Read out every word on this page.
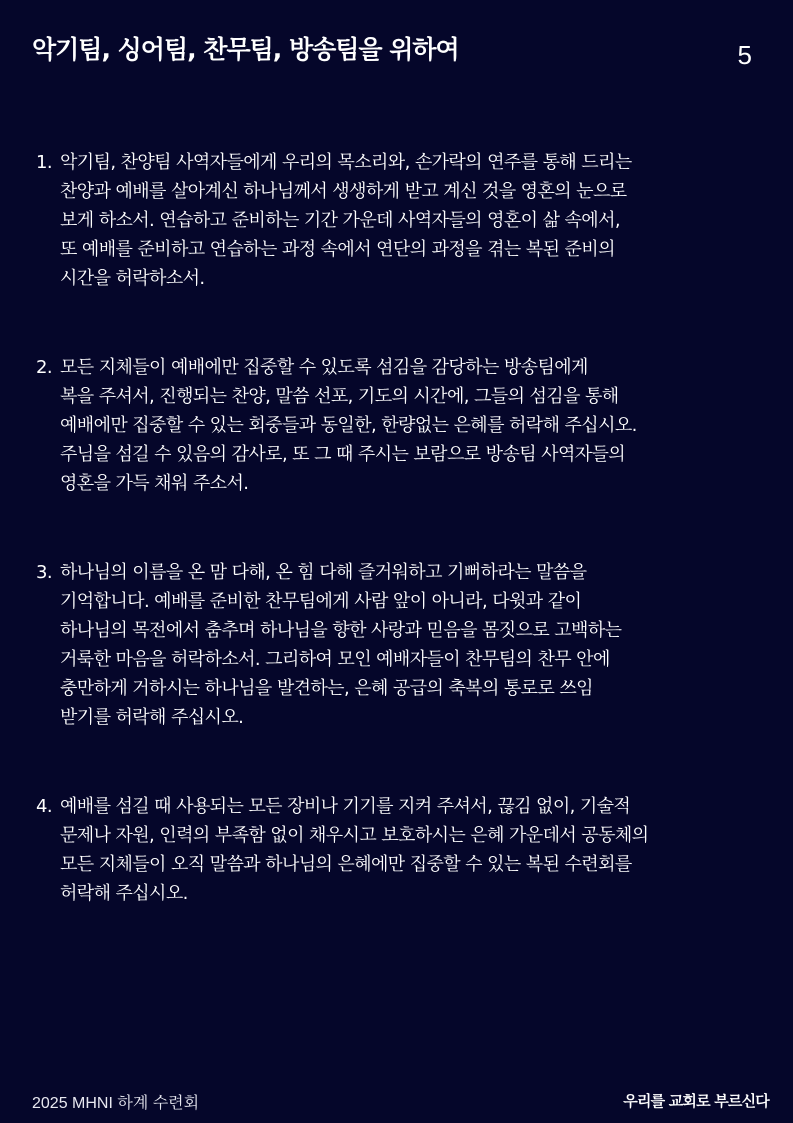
악기팀, 싱어팀, 찬무팀, 방송팀을 위하여	5
1. 악기팀, 찬양팀 사역자들에게 우리의 목소리와, 손가락의 연주를 통해 드리는
찬양과 예배를 살아계신 하나님께서 생생하게 받고 계신 것을 영혼의 눈으로
보게 하소서. 연습하고 준비하는 기간 가운데 사역자들의 영혼이 삶 속에서,
또 예배를 준비하고 연습하는 과정 속에서 연단의 과정을 겪는 복된 준비의
시간을 허락하소서.
2. 모든 지체들이 예배에만 집중할 수 있도록 섬김을 감당하는 방송팀에게
복을 주셔서, 진행되는 찬양, 말씀 선포, 기도의 시간에, 그들의 섬김을 통해
예배에만 집중할 수 있는 회중들과 동일한, 한량없는 은혜를 허락해 주십시오.
주님을 섬길 수 있음의 감사로, 또 그 때 주시는 보람으로 방송팀 사역자들의
영혼을 가득 채워 주소서.
3. 하나님의 이름을 온 맘 다해, 온 힘 다해 즐거워하고 기뻐하라는 말씀을
기억합니다. 예배를 준비한 찬무팀에게 사람 앞이 아니라, 다윗과 같이
하나님의 목전에서 춤추며 하나님을 향한 사랑과 믿음을 몸짓으로 고백하는
거룩한 마음을 허락하소서. 그리하여 모인 예배자들이 찬무팀의 찬무 안에
충만하게 거하시는 하나님을 발견하는, 은혜 공급의 축복의 통로로 쓰임
받기를 허락해 주십시오.
4. 예배를 섬길 때 사용되는 모든 장비나 기기를 지켜 주셔서, 끊김 없이, 기술적
문제나 자원, 인력의 부족함 없이 채우시고 보호하시는 은혜 가운데서 공동체의
모든 지체들이 오직 말씀과 하나님의 은혜에만 집중할 수 있는 복된 수련회를
허락해 주십시오.
2025 MHNI 하계 수련회	우리를 교회로 부르신다
